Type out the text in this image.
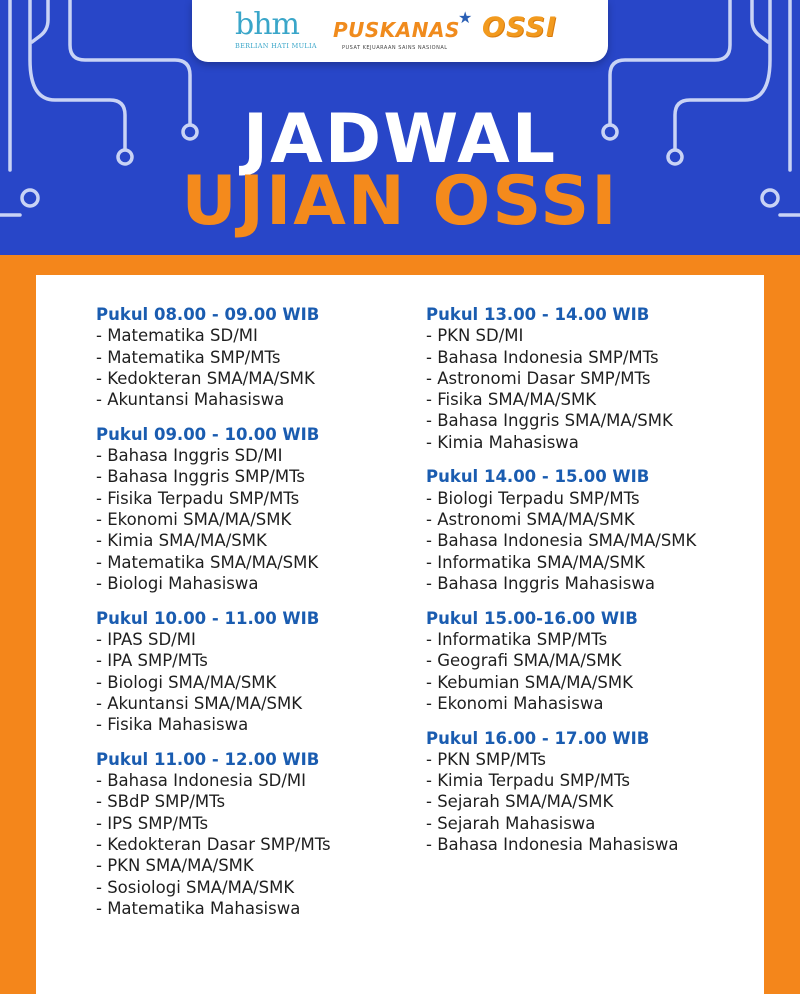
bhm
BERLIAN HATI MULIA
PUSKANAS
PUSAT KEJUARAAN SAINS NASIONAL
★ OSSI
JADWAL
UJIAN OSSI
Pukul 08.00 - 09.00 WIB
- Matematika SD/MI
- Matematika SMP/MTs
- Kedokteran SMA/MA/SMK
- Akuntansi Mahasiswa
Pukul 09.00 - 10.00 WIB
- Bahasa Inggris SD/MI
- Bahasa Inggris SMP/MTs
- Fisika Terpadu SMP/MTs
- Ekonomi SMA/MA/SMK
- Kimia SMA/MA/SMK
- Matematika SMA/MA/SMK
- Biologi Mahasiswa
Pukul 10.00 - 11.00 WIB
- IPAS SD/MI
- IPA SMP/MTs
- Biologi SMA/MA/SMK
- Akuntansi SMA/MA/SMK
- Fisika Mahasiswa
Pukul 11.00 - 12.00 WIB
- Bahasa Indonesia SD/MI
- SBdP SMP/MTs
- IPS SMP/MTs
- Kedokteran Dasar SMP/MTs
- PKN SMA/MA/SMK
- Sosiologi SMA/MA/SMK
- Matematika Mahasiswa
Pukul 13.00 - 14.00 WIB
- PKN SD/MI
- Bahasa Indonesia SMP/MTs
- Astronomi Dasar SMP/MTs
- Fisika SMA/MA/SMK
- Bahasa Inggris SMA/MA/SMK
- Kimia Mahasiswa
Pukul 14.00 - 15.00 WIB
- Biologi Terpadu SMP/MTs
- Astronomi SMA/MA/SMK
- Bahasa Indonesia SMA/MA/SMK
- Informatika SMA/MA/SMK
- Bahasa Inggris Mahasiswa
Pukul 15.00-16.00 WIB
- Informatika SMP/MTs
- Geografi SMA/MA/SMK
- Kebumian SMA/MA/SMK
- Ekonomi Mahasiswa
Pukul 16.00 - 17.00 WIB
- PKN SMP/MTs
- Kimia Terpadu SMP/MTs
- Sejarah SMA/MA/SMK
- Sejarah Mahasiswa
- Bahasa Indonesia Mahasiswa
